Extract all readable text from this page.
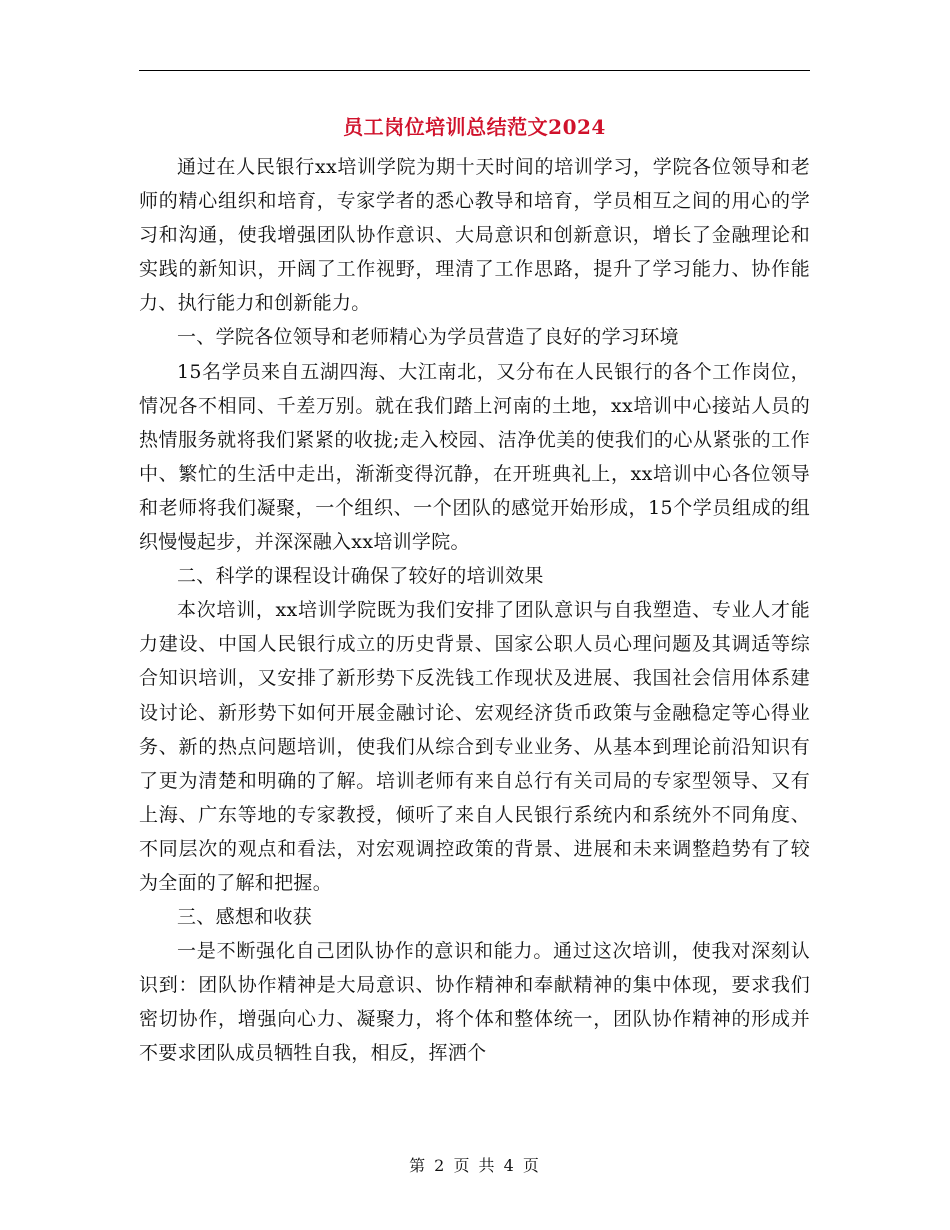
员工岗位培训总结范文2024

通过在人民银行xx培训学院为期十天时间的培训学习，学院各位领导和老师的精心组织和培育，专家学者的悉心教导和培育，学员相互之间的用心的学习和沟通，使我增强团队协作意识、大局意识和创新意识，增长了金融理论和实践的新知识，开阔了工作视野，理清了工作思路，提升了学习能力、协作能力、执行能力和创新能力。

一、学院各位领导和老师精心为学员营造了良好的学习环境

15名学员来自五湖四海、大江南北，又分布在人民银行的各个工作岗位，情况各不相同、千差万别。就在我们踏上河南的土地，xx培训中心接站人员的热情服务就将我们紧紧的收拢;走入校园、洁净优美的使我们的心从紧张的工作中、繁忙的生活中走出，渐渐变得沉静，在开班典礼上，xx培训中心各位领导和老师将我们凝聚，一个组织、一个团队的感觉开始形成，15个学员组成的组织慢慢起步，并深深融入xx培训学院。

二、科学的课程设计确保了较好的培训效果

本次培训，xx培训学院既为我们安排了团队意识与自我塑造、专业人才能力建设、中国人民银行成立的历史背景、国家公职人员心理问题及其调适等综合知识培训，又安排了新形势下反洗钱工作现状及进展、我国社会信用体系建设讨论、新形势下如何开展金融讨论、宏观经济货币政策与金融稳定等心得业务、新的热点问题培训，使我们从综合到专业业务、从基本到理论前沿知识有了更为清楚和明确的了解。培训老师有来自总行有关司局的专家型领导、又有上海、广东等地的专家教授，倾听了来自人民银行系统内和系统外不同角度、不同层次的观点和看法，对宏观调控政策的背景、进展和未来调整趋势有了较为全面的了解和把握。

三、感想和收获

一是不断强化自己团队协作的意识和能力。通过这次培训，使我对深刻认识到：团队协作精神是大局意识、协作精神和奉献精神的集中体现，要求我们密切协作，增强向心力、凝聚力，将个体和整体统一，团队协作精神的形成并不要求团队成员牺牲自我，相反，挥洒个

第 2 页 共 4 页
